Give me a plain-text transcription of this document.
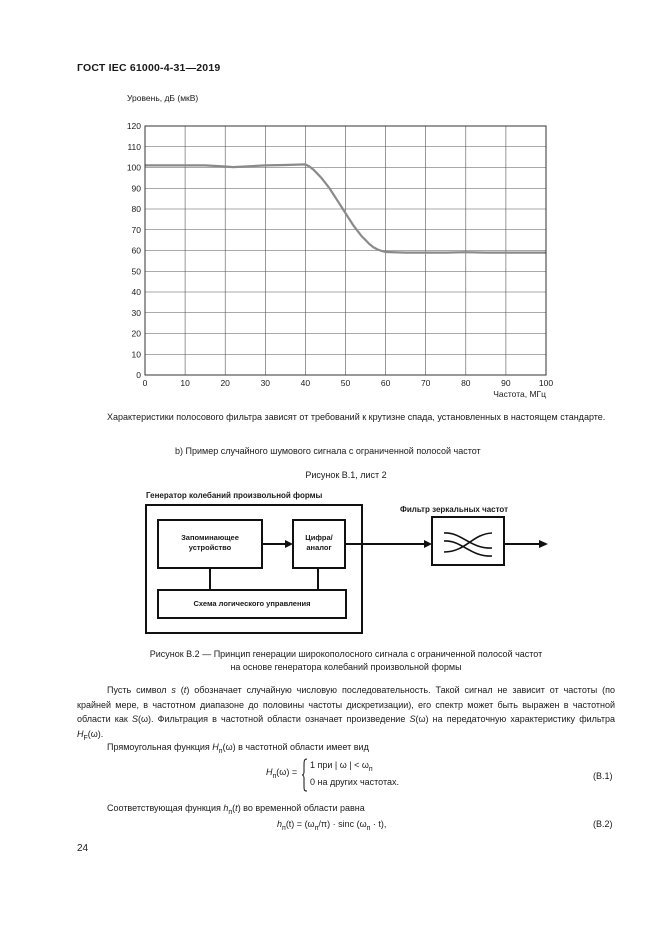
ГОСТ IEC 61000-4-31—2019
Уровень, дБ (мкВ)
0
10
20
30
40
50
60
70
80
90
100
110
120
0	10	20	30	40	50	60	70	80	90	100
Частота, МГц
Характеристики полосового фильтра зависят от требований к крутизне спада, установленных в настоящем стандарте.
b) Пример случайного шумового сигнала с ограниченной полосой частот
Рисунок В.1, лист 2
Генератор колебаний произвольной формы
Запоминающее
устройство
Цифра/
аналог
Схема логического управления
Фильтр зеркальных частот
Рисунок В.2 — Принцип генерации широкополосного сигнала с ограниченной полосой частот
на основе генератора колебаний произвольной формы
Пусть символ s (t) обозначает случайную числовую последовательность. Такой сигнал не зависит от частоты (по крайней мере, в частотном диапазоне до половины частоты дискретизации), его спектр может быть выражен в частотной области как S(ω). Фильтрация в частотной области означает произведение S(ω) на передаточную характеристику фильтра $H_F(\omega)$.
Прямоугольная функция $H_п(\omega)$ в частотной области имеет вид
$H_п(\omega)$ =
1 при | ω | < $\omega_п$
0 на других частотах.
(В.1)
Соответствующая функция $h_п(t)$ во временной области равна
$h_п(t) = (\omega_п/\pi) \cdot \sin c$ $(\omega_п \cdot t)$,	(В.2)
24
